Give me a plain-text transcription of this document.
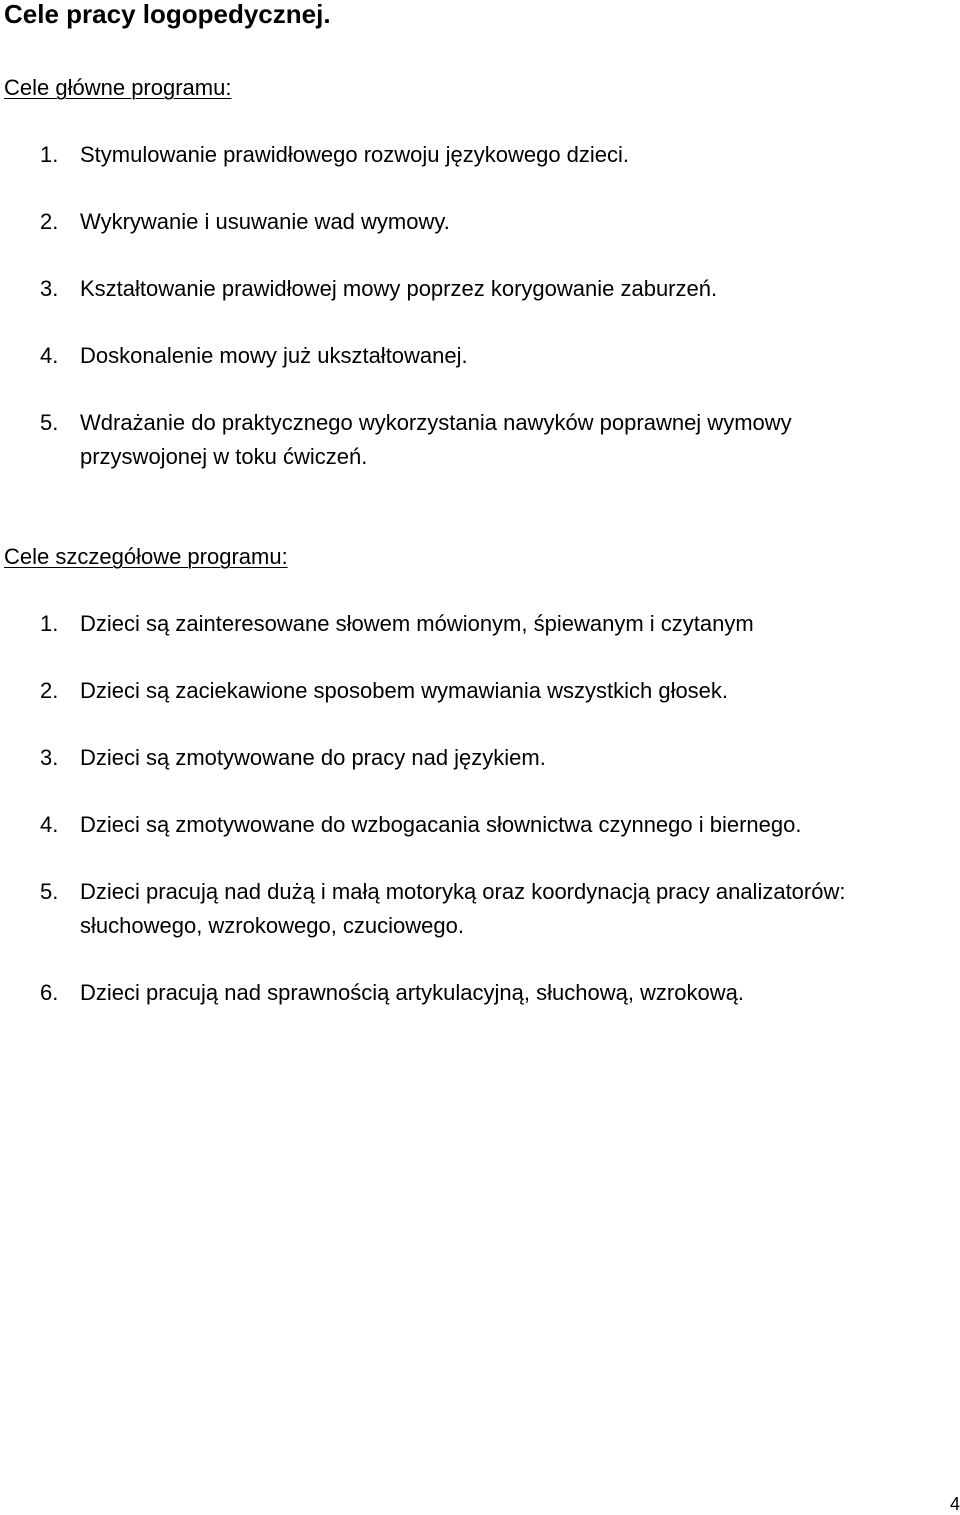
Cele pracy logopedycznej.
Cele główne programu:
1. Stymulowanie prawidłowego rozwoju językowego dzieci.
2. Wykrywanie i usuwanie wad wymowy.
3. Kształtowanie prawidłowej mowy poprzez korygowanie zaburzeń.
4. Doskonalenie mowy już ukształtowanej.
5. Wdrażanie do praktycznego wykorzystania nawyków poprawnej wymowy
przyswojonej w toku ćwiczeń.
Cele szczegółowe programu:
1. Dzieci są zainteresowane słowem mówionym, śpiewanym i czytanym
2. Dzieci są zaciekawione sposobem wymawiania wszystkich głosek.
3. Dzieci są zmotywowane do pracy nad językiem.
4. Dzieci są zmotywowane do wzbogacania słownictwa czynnego i biernego.
5. Dzieci pracują nad dużą i małą motoryką oraz koordynacją pracy analizatorów:
słuchowego, wzrokowego, czuciowego.
6. Dzieci pracują nad sprawnością artykulacyjną, słuchową, wzrokową.
4
